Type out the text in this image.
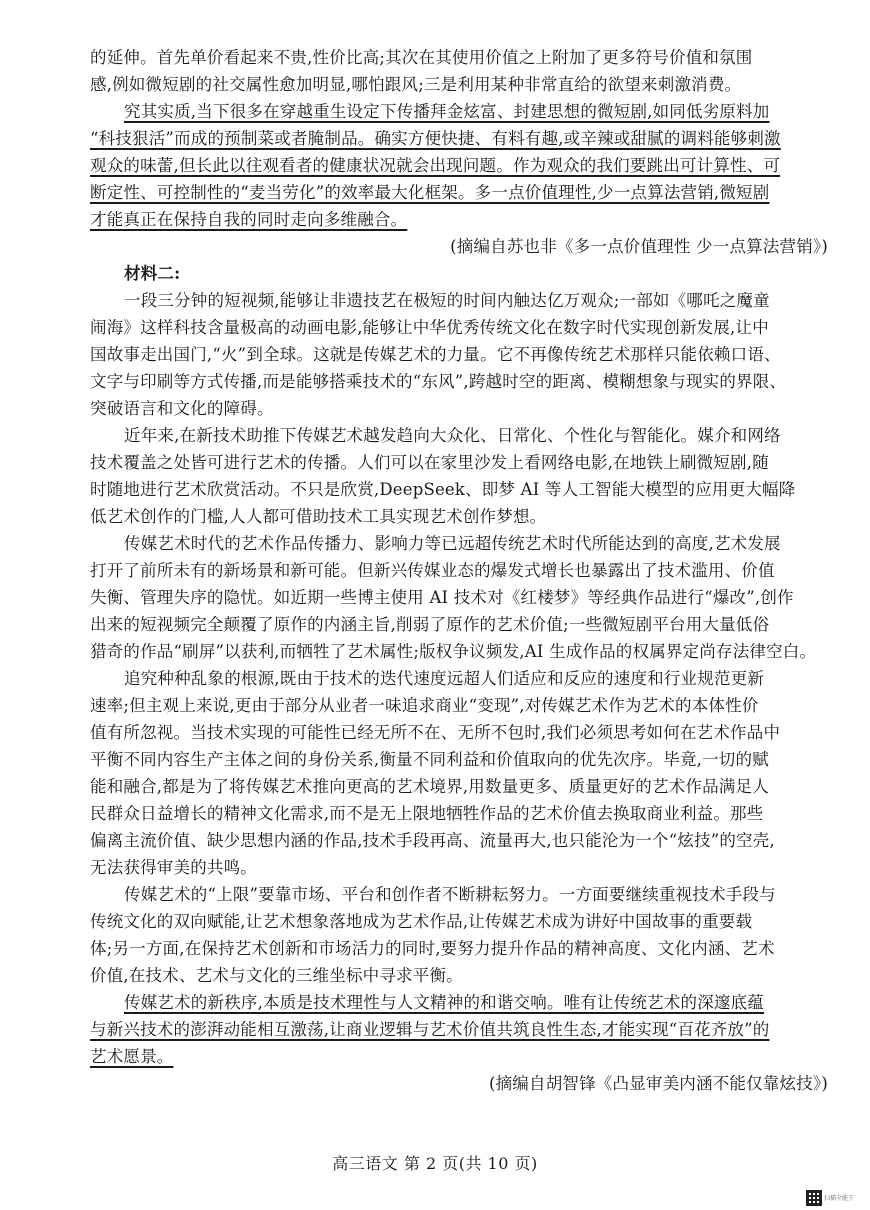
的延伸。首先单价看起来不贵,性价比高;其次在其使用价值之上附加了更多符号价值和氛围
感,例如微短剧的社交属性愈加明显,哪怕跟风;三是利用某种非常直给的欲望来刺激消费。
究其实质,当下很多在穿越重生设定下传播拜金炫富、封建思想的微短剧,如同低劣原料加
“科技狠活”而成的预制菜或者腌制品。确实方便快捷、有料有趣,或辛辣或甜腻的调料能够刺激
观众的味蕾,但长此以往观看者的健康状况就会出现问题。作为观众的我们要跳出可计算性、可
断定性、可控制性的“麦当劳化”的效率最大化框架。多一点价值理性,少一点算法营销,微短剧
才能真正在保持自我的同时走向多维融合。
(摘编自苏也非《多一点价值理性 少一点算法营销》)
材料二:
一段三分钟的短视频,能够让非遗技艺在极短的时间内触达亿万观众;一部如《哪吒之魔童
闹海》这样科技含量极高的动画电影,能够让中华优秀传统文化在数字时代实现创新发展,让中
国故事走出国门,“火”到全球。这就是传媒艺术的力量。它不再像传统艺术那样只能依赖口语、
文字与印刷等方式传播,而是能够搭乘技术的“东风”,跨越时空的距离、模糊想象与现实的界限、
突破语言和文化的障碍。
近年来,在新技术助推下传媒艺术越发趋向大众化、日常化、个性化与智能化。媒介和网络
技术覆盖之处皆可进行艺术的传播。人们可以在家里沙发上看网络电影,在地铁上刷微短剧,随
时随地进行艺术欣赏活动。不只是欣赏,DeepSeek、即梦 AI 等人工智能大模型的应用更大幅降
低艺术创作的门槛,人人都可借助技术工具实现艺术创作梦想。
传媒艺术时代的艺术作品传播力、影响力等已远超传统艺术时代所能达到的高度,艺术发展
打开了前所未有的新场景和新可能。但新兴传媒业态的爆发式增长也暴露出了技术滥用、价值
失衡、管理失序的隐忧。如近期一些博主使用 AI 技术对《红楼梦》等经典作品进行“爆改”,创作
出来的短视频完全颠覆了原作的内涵主旨,削弱了原作的艺术价值;一些微短剧平台用大量低俗
猎奇的作品“刷屏”以获利,而牺牲了艺术属性;版权争议频发,AI 生成作品的权属界定尚存法律空白。
追究种种乱象的根源,既由于技术的迭代速度远超人们适应和反应的速度和行业规范更新
速率;但主观上来说,更由于部分从业者一味追求商业“变现”,对传媒艺术作为艺术的本体性价
值有所忽视。当技术实现的可能性已经无所不在、无所不包时,我们必须思考如何在艺术作品中
平衡不同内容生产主体之间的身份关系,衡量不同利益和价值取向的优先次序。毕竟,一切的赋
能和融合,都是为了将传媒艺术推向更高的艺术境界,用数量更多、质量更好的艺术作品满足人
民群众日益增长的精神文化需求,而不是无上限地牺牲作品的艺术价值去换取商业利益。那些
偏离主流价值、缺少思想内涵的作品,技术手段再高、流量再大,也只能沦为一个“炫技”的空壳,
无法获得审美的共鸣。
传媒艺术的“上限”要靠市场、平台和创作者不断耕耘努力。一方面要继续重视技术手段与
传统文化的双向赋能,让艺术想象落地成为艺术作品,让传媒艺术成为讲好中国故事的重要载
体;另一方面,在保持艺术创新和市场活力的同时,要努力提升作品的精神高度、文化内涵、艺术
价值,在技术、艺术与文化的三维坐标中寻求平衡。
传媒艺术的新秩序,本质是技术理性与人文精神的和谐交响。唯有让传统艺术的深邃底蕴
与新兴技术的澎湃动能相互激荡,让商业逻辑与艺术价值共筑良性生态,才能实现“百花齐放”的
艺术愿景。
(摘编自胡智锋《凸显审美内涵不能仅靠炫技》)
高三语文 第 2 页(共 10 页)
扫描全能王
